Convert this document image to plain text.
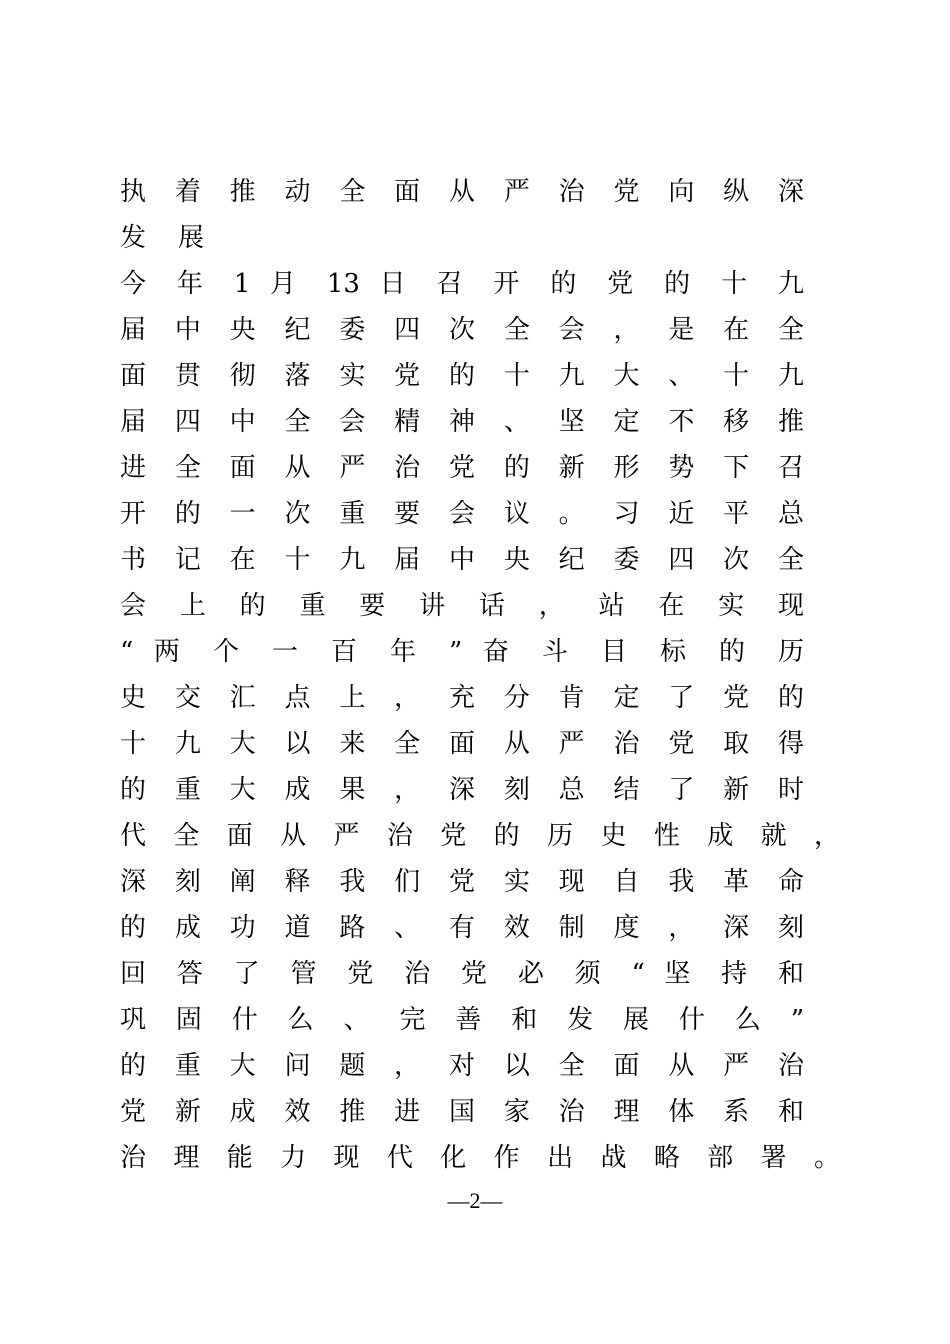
执 着 推 动 全 面 从 严 治 党 向 纵 深
发 展
今 年 1 月 13 日 召 开 的 党 的 十 九
届 中 央 纪 委 四 次 全 会 ， 是 在 全
面 贯 彻 落 实 党 的 十 九 大 、 十 九
届 四 中 全 会 精 神 、 坚 定 不 移 推
进 全 面 从 严 治 党 的 新 形 势 下 召
开 的 一 次 重 要 会 议 。 习 近 平 总
书 记 在 十 九 届 中 央 纪 委 四 次 全
会 上 的 重 要 讲 话 ， 站 在 实 现
“ 两 个 一 百 年 ” 奋 斗 目 标 的 历
史 交 汇 点 上 ， 充 分 肯 定 了 党 的
十 九 大 以 来 全 面 从 严 治 党 取 得
的 重 大 成 果 ， 深 刻 总 结 了 新 时
代 全 面 从 严 治 党 的 历 史 性 成 就 ，
深 刻 阐 释 我 们 党 实 现 自 我 革 命
的 成 功 道 路 、 有 效 制 度 ， 深 刻
回 答 了 管 党 治 党 必 须 “ 坚 持 和
巩 固 什 么 、 完 善 和 发 展 什 么 ”
的 重 大 问 题 ， 对 以 全 面 从 严 治
党 新 成 效 推 进 国 家 治 理 体 系 和
治 理 能 力 现 代 化 作 出 战 略 部 署 。
—2—
